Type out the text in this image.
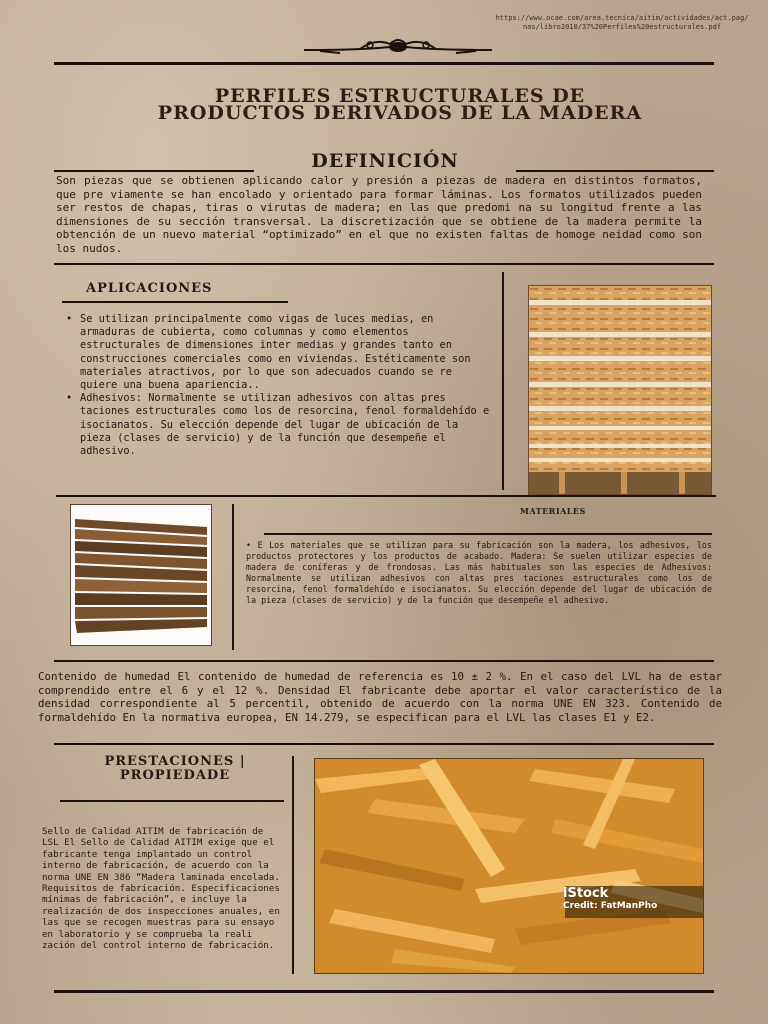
https://www.ocae.com/area.tecnica/aitim/actividades/act.pag/ nas/libro2010/37%20Perfiles%20estructurales.pdf
PERFILES ESTRUCTURALES DE PRODUCTOS DERIVADOS DE LA MADERA
DEFINICIÓN
Son piezas que se obtienen aplicando calor y presión a piezas de madera en distintos formatos, que pre viamente se han encolado y orientado para formar láminas. Los formatos utilizados pueden ser restos de chapas, tiras o virutas de madera; en las que predomi na su longitud frente a las dimensiones de su sección transversal. La discretización que se obtiene de la madera permite la obtención de un nuevo material “optimizado” en el que no existen faltas de homoge neidad como son los nudos.
APLICACIONES
• Se utilizan principalmente como vigas de luces medias, en armaduras de cubierta, como columnas y como elementos estructurales de dimensiones inter medias y grandes tanto en construcciones comerciales como en viviendas. Estéticamente son materiales atractivos, por lo que son adecuados cuando se re quiere una buena apariencia..
• Adhesivos: Normalmente se utilizan adhesivos con altas pres taciones estructurales como los de resorcina, fenol formaldehído e isocianatos. Su elección depende del lugar de ubicación de la pieza (clases de servicio) y de la función que desempeñe el adhesivo.
MATERIALES
• E Los materiales que se utilizan para su fabricación son la madera, los adhesivos, los productos protectores y los productos de acabado. Madera: Se suelen utilizar especies de madera de coníferas y de frondosas. Las más habituales son las especies de Adhesivos: Normalmente se utilizan adhesivos con altas pres taciones estructurales como los de resorcina, fenol formaldehído e isocianatos. Su elección depende del lugar de ubicación de la pieza (clases de servicio) y de la función que desempeñe el adhesivo.
Contenido de humedad El contenido de humedad de referencia es 10 ± 2 %. En el caso del LVL ha de estar comprendido entre el 6 y el 12 %. Densidad El fabricante debe aportar el valor característico de la densidad correspondiente al 5 percentil, obtenido de acuerdo con la norma UNE EN 323. Contenido de formaldehído En la normativa europea, EN 14.279, se especifican para el LVL las clases E1 y E2.
PRESTACIONES | PROPIEDADE
Sello de Calidad AITIM de fabricación de LSL El Sello de Calidad AITIM exige que el fabricante tenga implantado un control interno de fabricación, de acuerdo con la norma UNE EN 386 “Madera laminada encolada. Requisitos de fabricación. Especificaciones mínimas de fabricación”, e incluye la realización de dos inspecciones anuales, en las que se recogen muestras para su ensayo en laboratorio y se comprueba la reali zación del control interno de fabricación.
iStock
Credit: FatManPho
